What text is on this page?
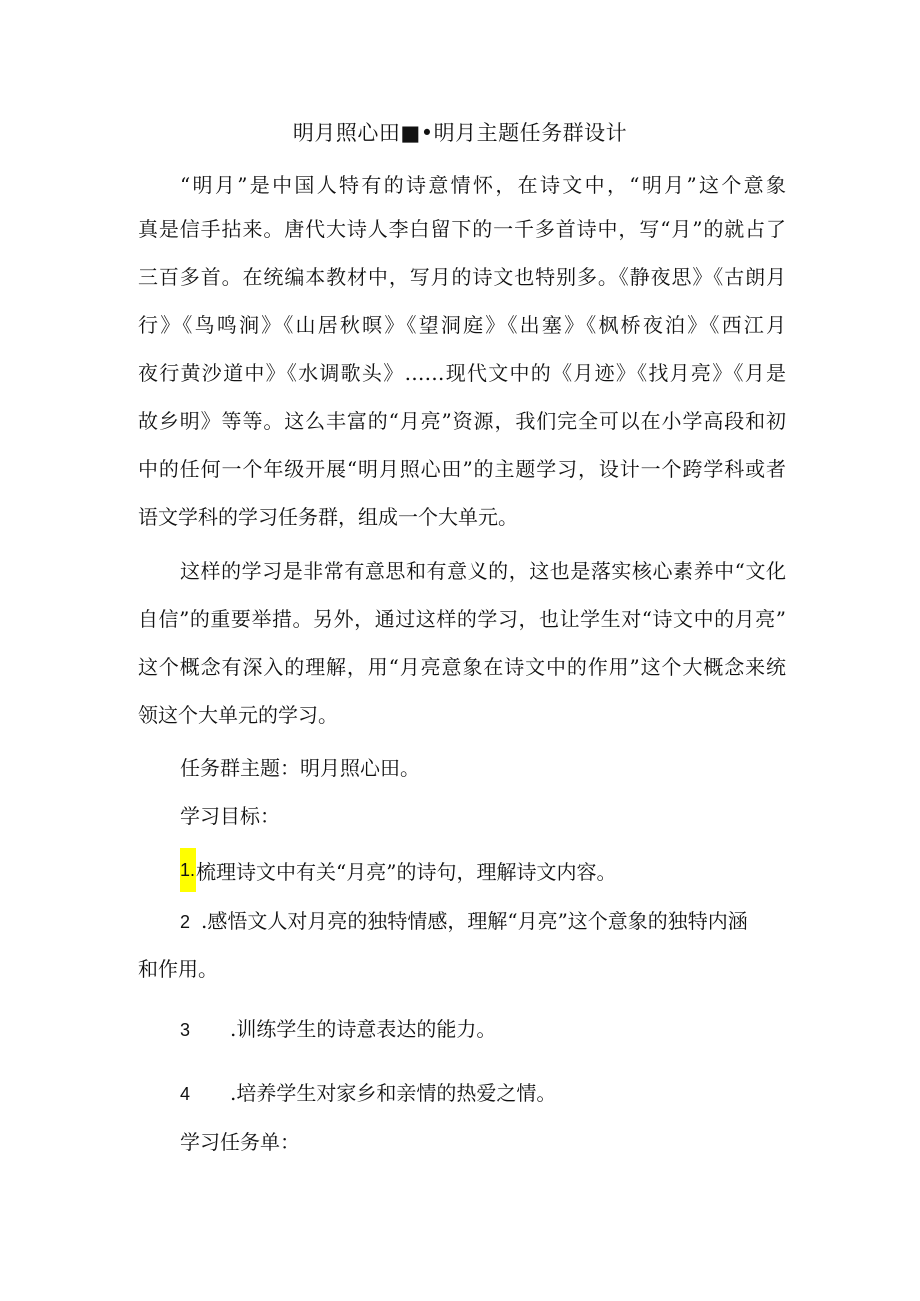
明月照心田■•明月主题任务群设计
“明月”是中国人特有的诗意情怀，在诗文中，“明月”这个意象
真是信手拈来。唐代大诗人李白留下的一千多首诗中，写“月”的就占了
三百多首。在统编本教材中，写月的诗文也特别多。《静夜思》《古朗月
行》《鸟鸣涧》《山居秋暝》《望洞庭》《出塞》《枫桥夜泊》《西江月
夜行黄沙道中》《水调歌头》……现代文中的《月迹》《找月亮》《月是
故乡明》等等。这么丰富的“月亮”资源，我们完全可以在小学高段和初
中的任何一个年级开展“明月照心田”的主题学习，设计一个跨学科或者
语文学科的学习任务群，组成一个大单元。
这样的学习是非常有意思和有意义的，这也是落实核心素养中“文化
自信”的重要举措。另外，通过这样的学习，也让学生对“诗文中的月亮”
这个概念有深入的理解，用“月亮意象在诗文中的作用”这个大概念来统
领这个大单元的学习。
任务群主题：明月照心田。
学习目标：
1.梳理诗文中有关“月亮”的诗句，理解诗文内容。
2 .感悟文人对月亮的独特情感，理解“月亮”这个意象的独特内涵
和作用。
3 .训练学生的诗意表达的能力。
4 .培养学生对家乡和亲情的热爱之情。
学习任务单：
